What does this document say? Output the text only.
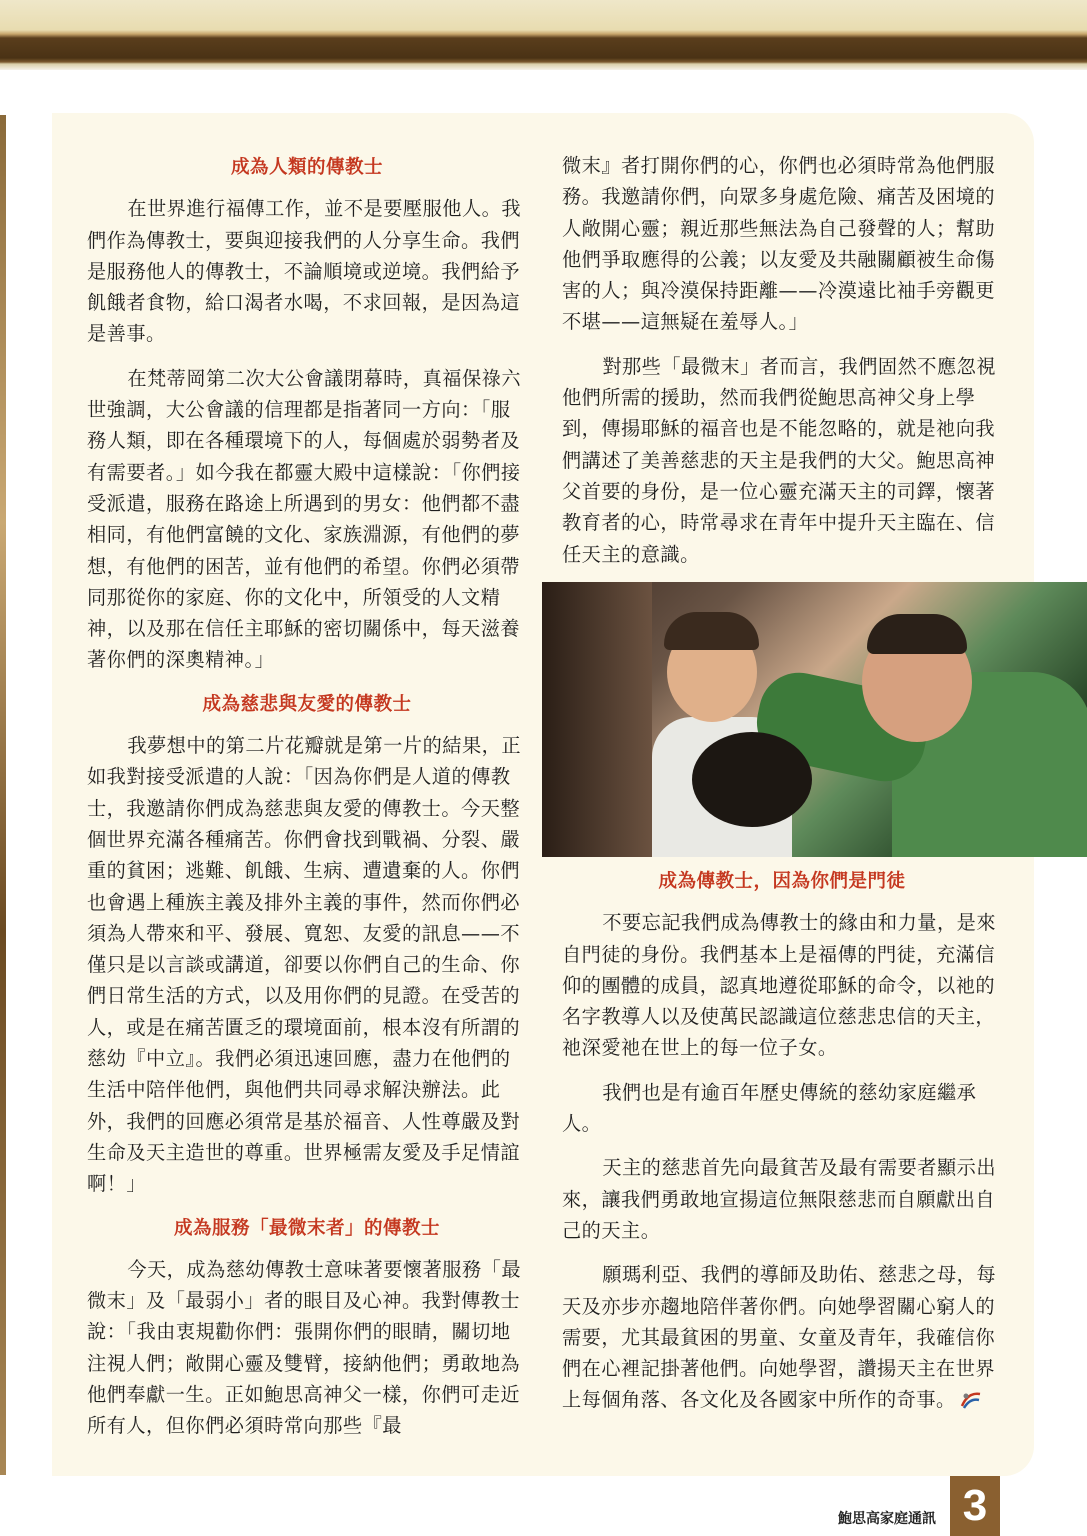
成為人類的傳教士

在世界進行福傳工作，並不是要壓服他人。我們作為傳教士，要與迎接我們的人分享生命。我們是服務他人的傳教士，不論順境或逆境。我們給予飢餓者食物，給口渴者水喝，不求回報，是因為這是善事。

在梵蒂岡第二次大公會議閉幕時，真福保祿六世強調，大公會議的信理都是指著同一方向：「服務人類，即在各種環境下的人，每個處於弱勢者及有需要者。」如今我在都靈大殿中這樣說：「你們接受派遣，服務在路途上所遇到的男女：他們都不盡相同，有他們富饒的文化、家族淵源，有他們的夢想，有他們的困苦，並有他們的希望。你們必須帶同那從你的家庭、你的文化中，所領受的人文精神，以及那在信任主耶穌的密切關係中，每天滋養著你們的深奧精神。」

成為慈悲與友愛的傳教士

我夢想中的第二片花瓣就是第一片的結果，正如我對接受派遣的人說：「因為你們是人道的傳教士，我邀請你們成為慈悲與友愛的傳教士。今天整個世界充滿各種痛苦。你們會找到戰禍、分裂、嚴重的貧困；逃難、飢餓、生病、遭遺棄的人。你們也會遇上種族主義及排外主義的事件，然而你們必須為人帶來和平、發展、寬恕、友愛的訊息——不僅只是以言談或講道，卻要以你們自己的生命、你們日常生活的方式，以及用你們的見證。在受苦的人，或是在痛苦匱乏的環境面前，根本沒有所謂的慈幼『中立』。我們必須迅速回應，盡力在他們的生活中陪伴他們，與他們共同尋求解決辦法。此外，我們的回應必須常是基於福音、人性尊嚴及對生命及天主造世的尊重。世界極需友愛及手足情誼啊！」

成為服務「最微末者」的傳教士

今天，成為慈幼傳教士意味著要懷著服務「最微末」及「最弱小」者的眼目及心神。我對傳教士說：「我由衷規勸你們：張開你們的眼睛，關切地注視人們；敞開心靈及雙臂，接納他們；勇敢地為他們奉獻一生。正如鮑思高神父一樣，你們可走近所有人，但你們必須時常向那些『最

微末』者打開你們的心，你們也必須時常為他們服務。我邀請你們，向眾多身處危險、痛苦及困境的人敞開心靈；親近那些無法為自己發聲的人；幫助他們爭取應得的公義；以友愛及共融關顧被生命傷害的人；與冷漠保持距離——冷漠遠比袖手旁觀更不堪——這無疑在羞辱人。」

對那些「最微末」者而言，我們固然不應忽視他們所需的援助，然而我們從鮑思高神父身上學到，傳揚耶穌的福音也是不能忽略的，就是祂向我們講述了美善慈悲的天主是我們的大父。鮑思高神父首要的身份，是一位心靈充滿天主的司鐸，懷著教育者的心，時常尋求在青年中提升天主臨在、信任天主的意識。

成為傳教士，因為你們是門徒

不要忘記我們成為傳教士的緣由和力量，是來自門徒的身份。我們基本上是福傳的門徒，充滿信仰的團體的成員，認真地遵從耶穌的命令，以祂的名字教導人以及使萬民認識這位慈悲忠信的天主，祂深愛祂在世上的每一位子女。

我們也是有逾百年歷史傳統的慈幼家庭繼承人。

天主的慈悲首先向最貧苦及最有需要者顯示出來，讓我們勇敢地宣揚這位無限慈悲而自願獻出自己的天主。

願瑪利亞、我們的導師及助佑、慈悲之母，每天及亦步亦趨地陪伴著你們。向她學習關心窮人的需要，尤其最貧困的男童、女童及青年，我確信你們在心裡記掛著他們。向她學習，讚揚天主在世界上每個角落、各文化及各國家中所作的奇事。

鮑思高家庭通訊 3
